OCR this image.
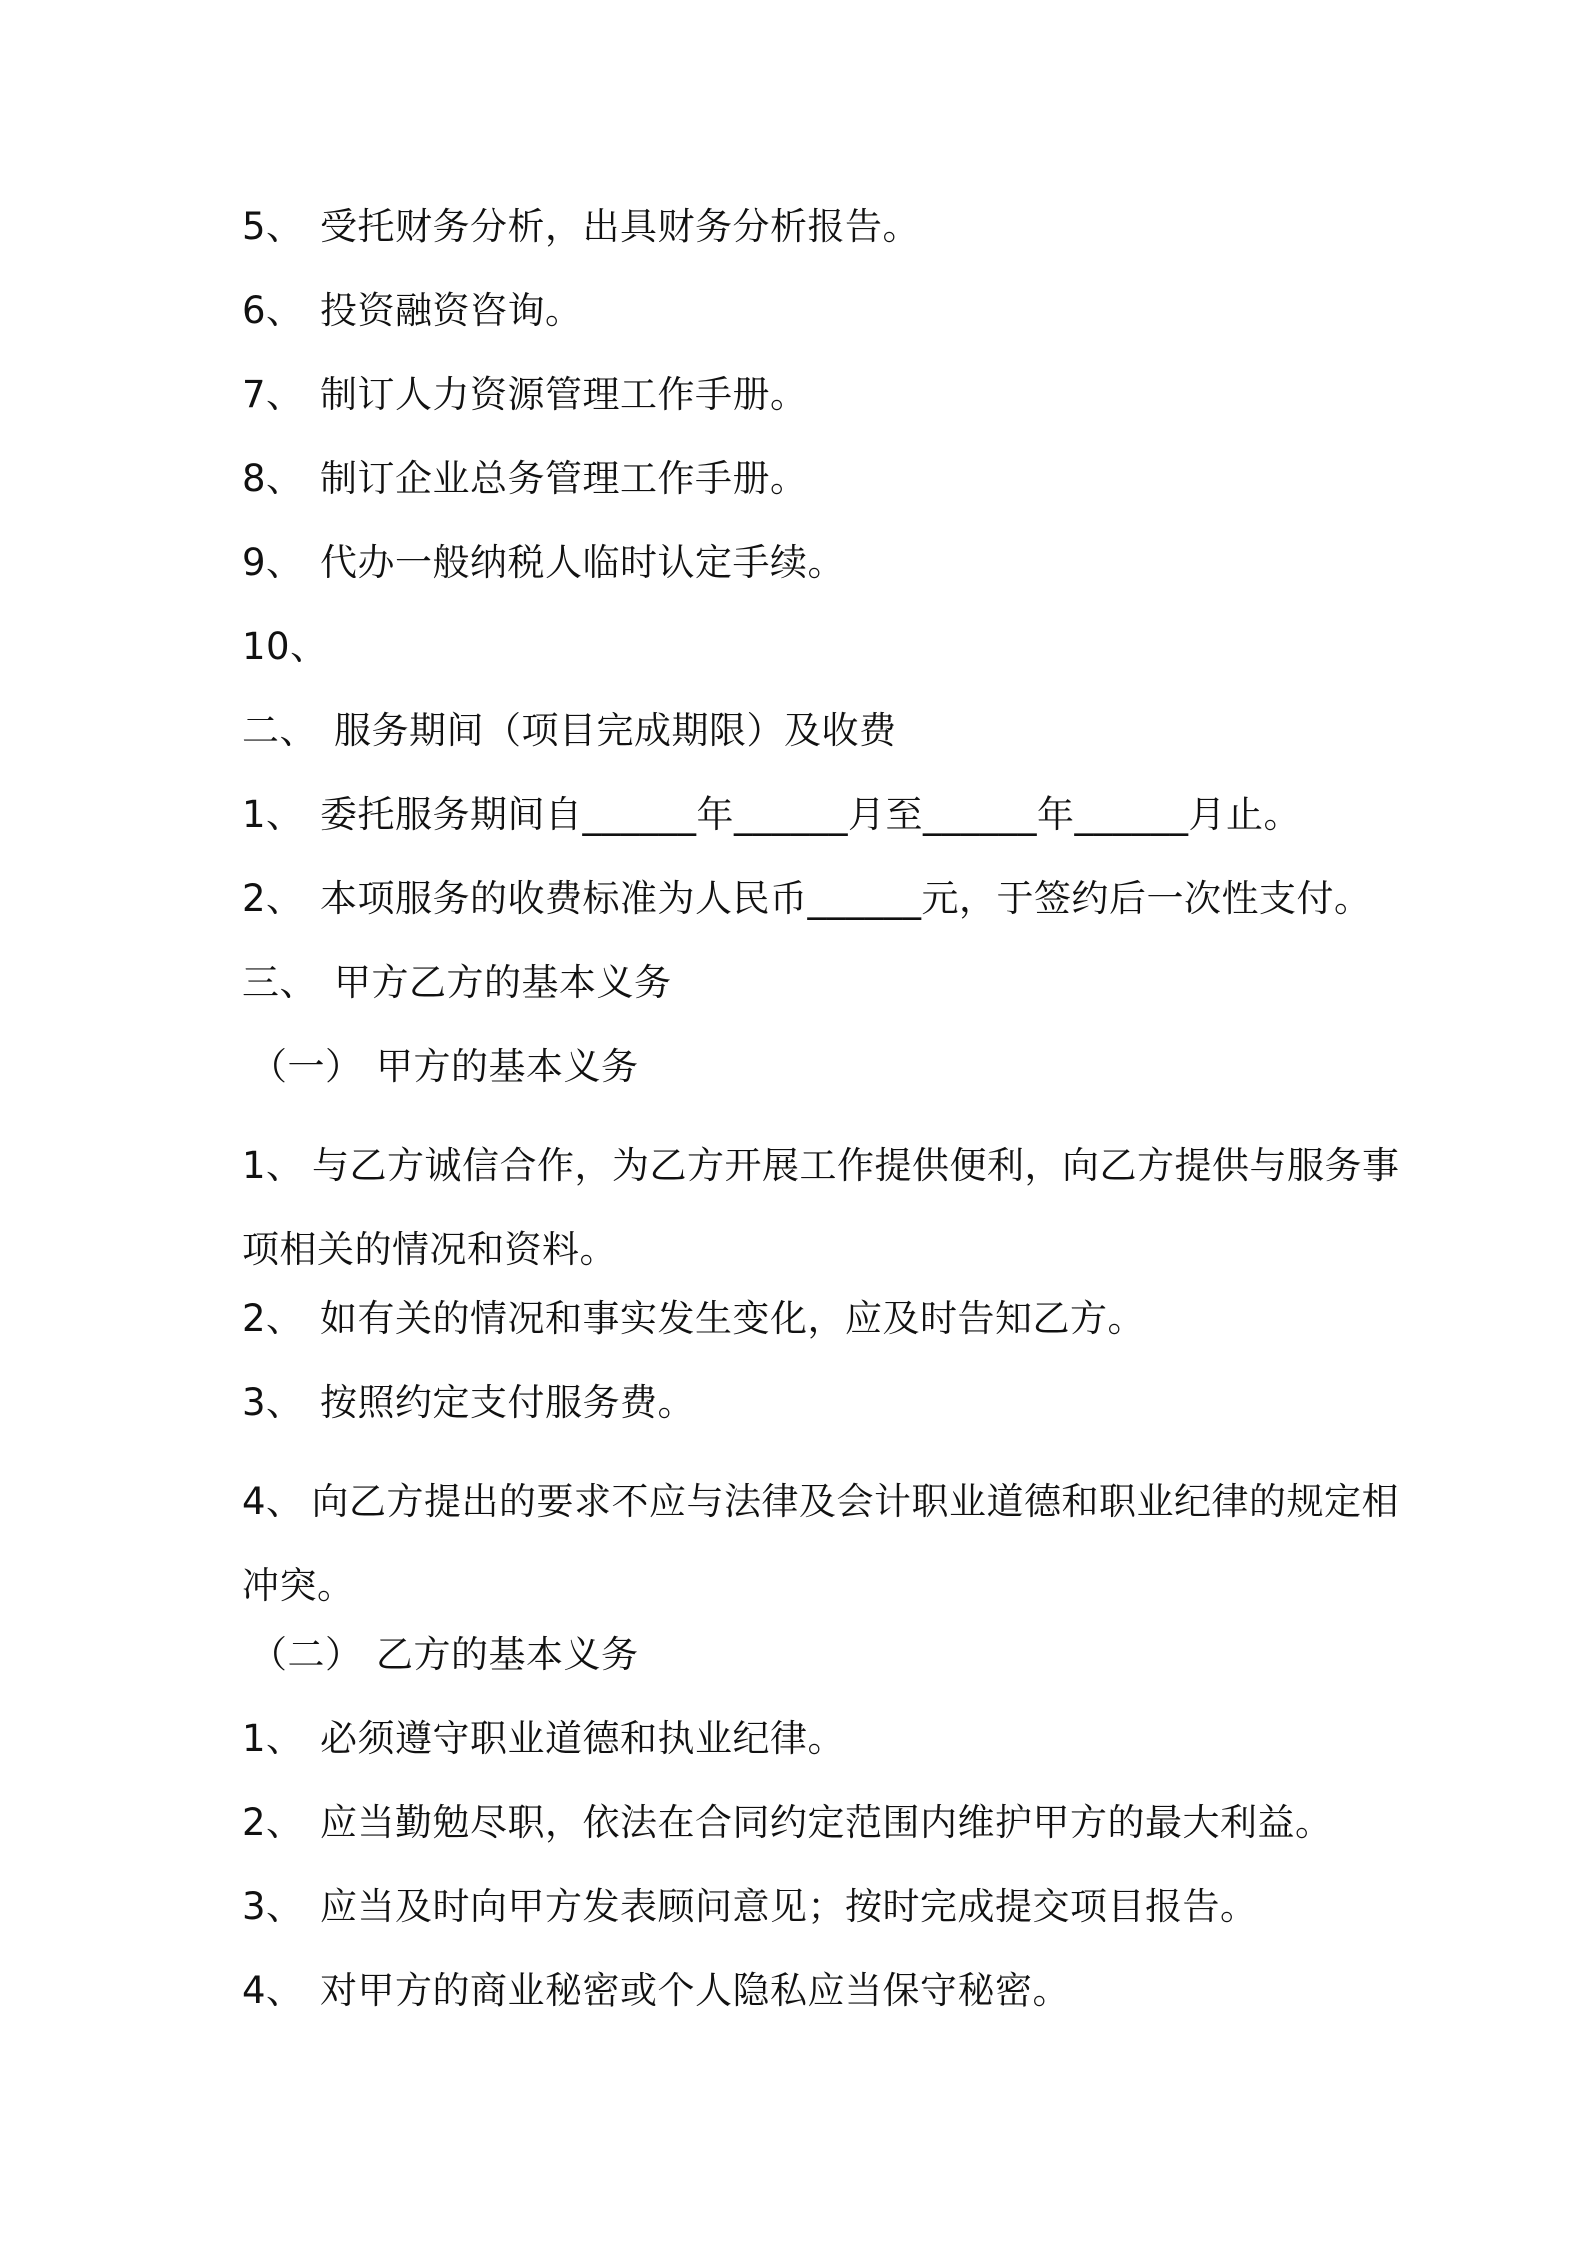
5、 受托财务分析，出具财务分析报告。
6、 投资融资咨询。
7、 制订人力资源管理工作手册。
8、 制订企业总务管理工作手册。
9、 代办一般纳税人临时认定手续。
10、
二、 服务期间（项目完成期限）及收费
1、 委托服务期间自______年______月至______年______月止。
2、 本项服务的收费标准为人民币______元，于签约后一次性支付。
三、 甲方乙方的基本义务
（一） 甲方的基本义务
1、 与乙方诚信合作，为乙方开展工作提供便利，向乙方提供与服务事项相关的情况和资料。
2、 如有关的情况和事实发生变化，应及时告知乙方。
3、 按照约定支付服务费。
4、 向乙方提出的要求不应与法律及会计职业道德和职业纪律的规定相冲突。
（二） 乙方的基本义务
1、 必须遵守职业道德和执业纪律。
2、 应当勤勉尽职，依法在合同约定范围内维护甲方的最大利益。
3、 应当及时向甲方发表顾问意见；按时完成提交项目报告。
4、 对甲方的商业秘密或个人隐私应当保守秘密。
